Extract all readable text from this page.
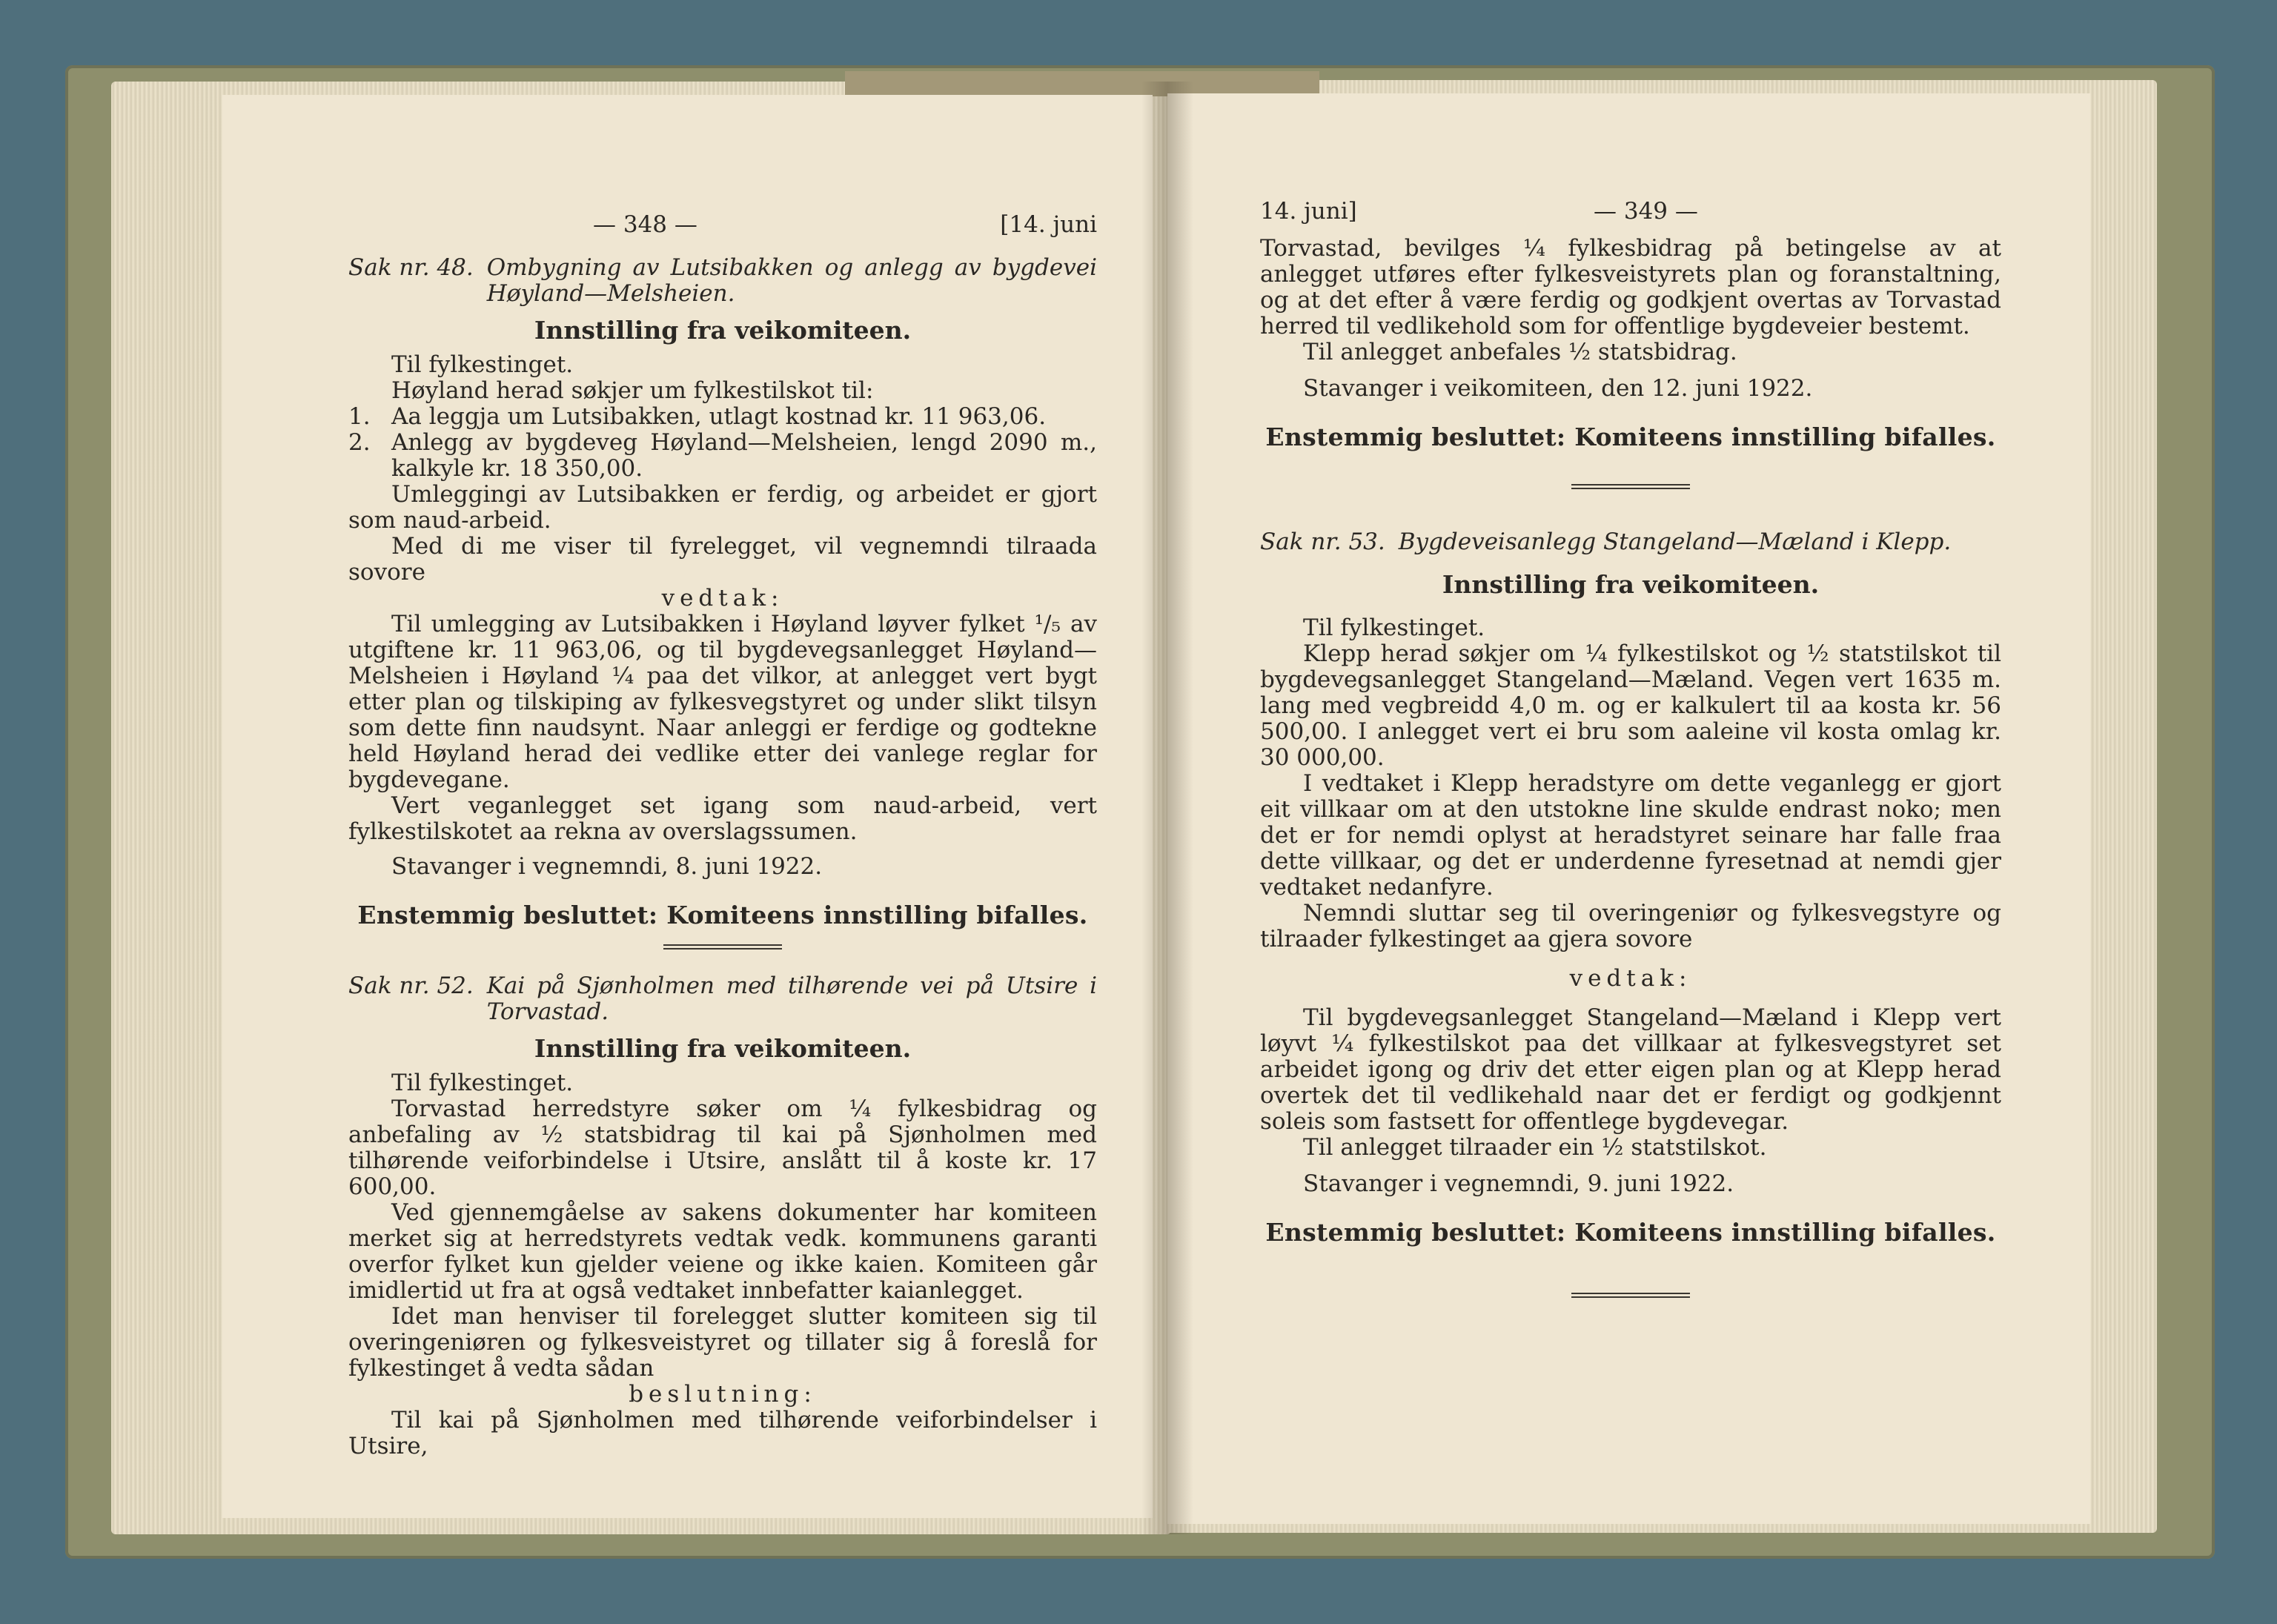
— 348 —	[14. juni
Sak nr. 48. Ombygning av Lutsibakken og anlegg av bygdevei
Høyland—Melsheien.

Innstilling fra veikomiteen.

Til fylkestinget.

Høyland herad søkjer um fylkestilskot til:

1. Aa leggja um Lutsibakken, utlagt kostnad kr. 11 963,06.
2. Anlegg av bygdeveg Høyland—Melsheien, lengd 2090 m., kalkyle kr. 18 350,00.

Umleggingi av Lutsibakken er ferdig, og arbeidet er gjort som naud-arbeid.

Med di me viser til fyrelegget, vil vegnemndi tilraada sovore

vedtak:

Til umlegging av Lutsibakken i Høyland løyver fylket ¹/₅ av utgiftene kr. 11 963,06, og til bygdevegsanlegget Høyland—Melsheien i Høyland ¼ paa det vilkor, at anlegget vert bygt etter plan og tilskiping av fylkesvegstyret og under slikt tilsyn som dette finn naudsynt. Naar anleggi er ferdige og godtekne held Høyland herad dei vedlike etter dei vanlege reglar for bygdevegane.

Vert veganlegget set igang som naud-arbeid, vert fylkestilskotet aa rekna av overslagssumen.

Stavanger i vegnemndi, 8. juni 1922.

Enstemmig besluttet: Komiteens innstilling bifalles.

Sak nr. 52. Kai på Sjønholmen med tilhørende vei på Utsire i
Torvastad.

Innstilling fra veikomiteen.

Til fylkestinget.

Torvastad herredstyre søker om ¼ fylkesbidrag og anbefaling av ½ statsbidrag til kai på Sjønholmen med tilhørende veiforbindelse i Utsire, anslått til å koste kr. 17 600,00.

Ved gjennemgåelse av sakens dokumenter har komiteen merket sig at herredstyrets vedtak vedk. kommunens garanti overfor fylket kun gjelder veiene og ikke kaien. Komiteen går imidlertid ut fra at også vedtaket innbefatter kaianlegget.

Idet man henviser til forelegget slutter komiteen sig til overingeniøren og fylkesveistyret og tillater sig å foreslå for fylkestinget å vedta sådan

beslutning:

Til kai på Sjønholmen med tilhørende veiforbindelser i Utsire,

14. juni]	— 349 —

Torvastad, bevilges ¼ fylkesbidrag på betingelse av at anlegget utføres efter fylkesveistyrets plan og foranstaltning, og at det efter å være ferdig og godkjent overtas av Torvastad herred til vedlikehold som for offentlige bygdeveier bestemt.

Til anlegget anbefales ½ statsbidrag.

Stavanger i veikomiteen, den 12. juni 1922.

Enstemmig besluttet: Komiteens innstilling bifalles.

Sak nr. 53. Bygdeveisanlegg Stangeland—Mæland i Klepp.

Innstilling fra veikomiteen.

Til fylkestinget.

Klepp herad søkjer om ¼ fylkestilskot og ½ statstilskot til bygdevegsanlegget Stangeland—Mæland. Vegen vert 1635 m. lang med vegbreidd 4,0 m. og er kalkulert til aa kosta kr. 56 500,00. I anlegget vert ei bru som aaleine vil kosta omlag kr. 30 000,00.

I vedtaket i Klepp heradstyre om dette veganlegg er gjort eit villkaar om at den utstokne line skulde endrast noko; men det er for nemdi oplyst at heradstyret seinare har falle fraa dette villkaar, og det er underdenne fyresetnad at nemdi gjer vedtaket nedanfyre.

Nemndi sluttar seg til overingeniør og fylkesvegstyre og tilraader fylkestinget aa gjera sovore

vedtak:

Til bygdevegsanlegget Stangeland—Mæland i Klepp vert løyvt ¼ fylkestilskot paa det villkaar at fylkesvegstyret set arbeidet igong og driv det etter eigen plan og at Klepp herad overtek det til vedlikehald naar det er ferdigt og godkjennt soleis som fastsett for offentlege bygdevegar.

Til anlegget tilraader ein ½ statstilskot.

Stavanger i vegnemndi, 9. juni 1922.

Enstemmig besluttet: Komiteens innstilling bifalles.
